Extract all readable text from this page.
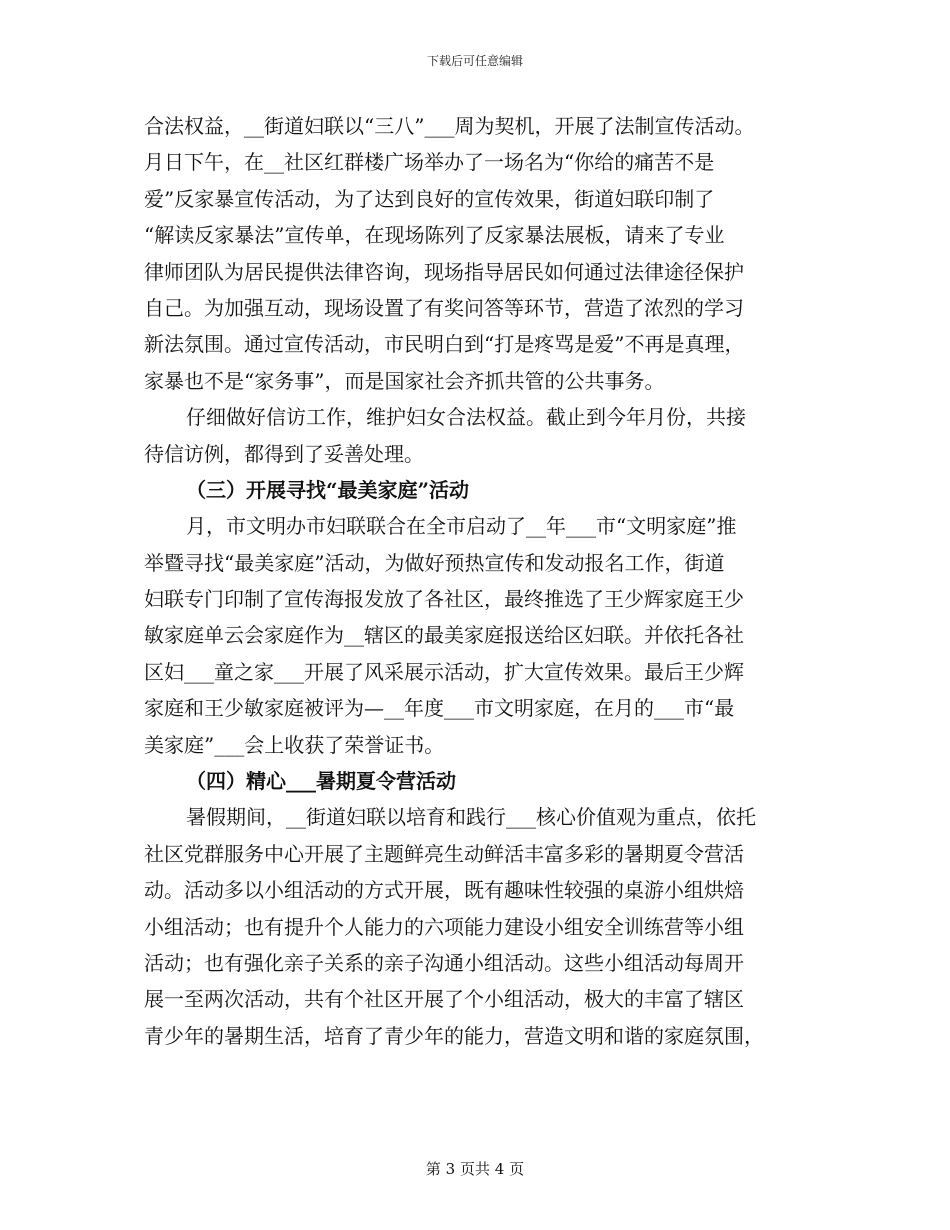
下载后可任意编辑
合法权益，__街道妇联以“三八”___周为契机，开展了法制宣传活动。
月日下午，在__社区红群楼广场举办了一场名为“你给的痛苦不是
爱”反家暴宣传活动，为了达到良好的宣传效果，街道妇联印制了
“解读反家暴法”宣传单，在现场陈列了反家暴法展板，请来了专业
律师团队为居民提供法律咨询，现场指导居民如何通过法律途径保护
自己。为加强互动，现场设置了有奖问答等环节，营造了浓烈的学习
新法氛围。通过宣传活动，市民明白到“打是疼骂是爱”不再是真理，
家暴也不是“家务事”，而是国家社会齐抓共管的公共事务。
仔细做好信访工作，维护妇女合法权益。截止到今年月份，共接
待信访例，都得到了妥善处理。
（三）开展寻找“最美家庭”活动
月，市文明办市妇联联合在全市启动了__年___市“文明家庭”推
举暨寻找“最美家庭”活动，为做好预热宣传和发动报名工作，街道
妇联专门印制了宣传海报发放了各社区，最终推选了王少辉家庭王少
敏家庭单云会家庭作为__辖区的最美家庭报送给区妇联。并依托各社
区妇___童之家___开展了风采展示活动，扩大宣传效果。最后王少辉
家庭和王少敏家庭被评为—__年度___市文明家庭，在月的___市“最
美家庭”___会上收获了荣誉证书。
（四）精心___暑期夏令营活动
暑假期间，__街道妇联以培育和践行___核心价值观为重点，依托
社区党群服务中心开展了主题鲜亮生动鲜活丰富多彩的暑期夏令营活
动。活动多以小组活动的方式开展，既有趣味性较强的桌游小组烘焙
小组活动；也有提升个人能力的六项能力建设小组安全训练营等小组
活动；也有强化亲子关系的亲子沟通小组活动。这些小组活动每周开
展一至两次活动，共有个社区开展了个小组活动，极大的丰富了辖区
青少年的暑期生活，培育了青少年的能力，营造文明和谐的家庭氛围，
第 3 页共 4 页
